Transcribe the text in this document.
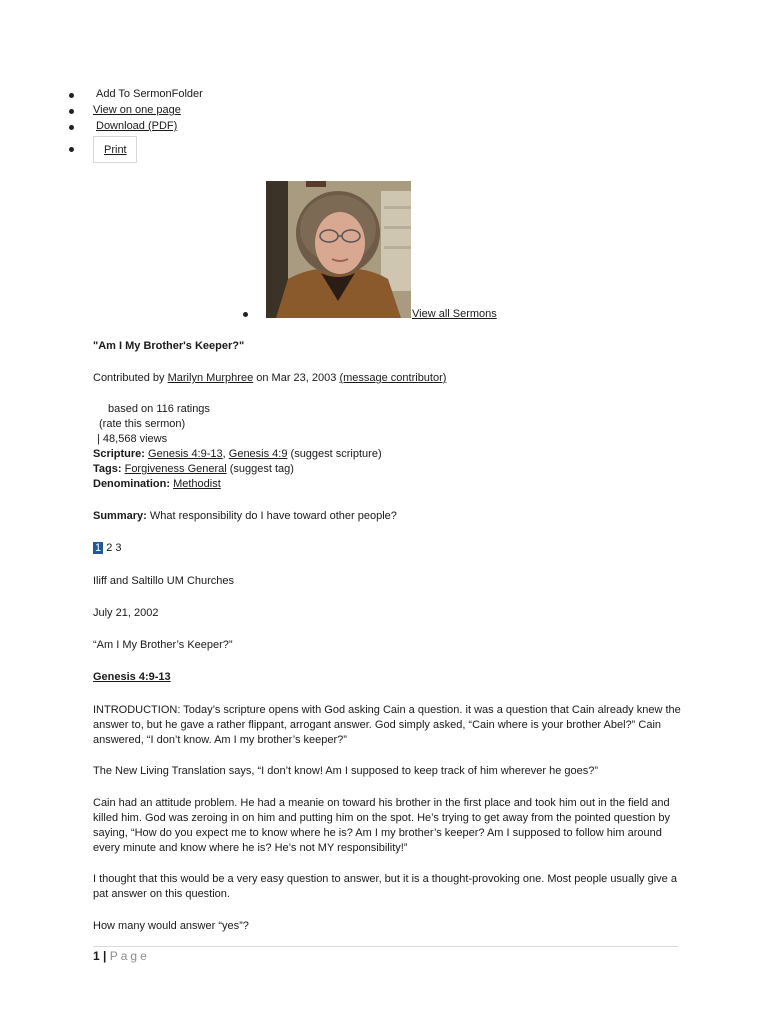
Add To SermonFolder
View on one page
Download (PDF)
Print
View all Sermons
"Am I My Brother's Keeper?"
Contributed by Marilyn Murphree on Mar 23, 2003 (message contributor)
based on 116 ratings
(rate this sermon)
| 48,568 views
Scripture: Genesis 4:9-13, Genesis 4:9 (suggest scripture)
Tags: Forgiveness General (suggest tag)
Denomination: Methodist
Summary: What responsibility do I have toward other people?
1 2 3
Iliff and Saltillo UM Churches
July 21, 2002
“Am I My Brother’s Keeper?”
Genesis 4:9-13
INTRODUCTION: Today’s scripture opens with God asking Cain a question. it was a question that Cain already knew the answer to, but he gave a rather flippant, arrogant answer. God simply asked, “Cain where is your brother Abel?” Cain answered, “I don’t know. Am I my brother’s keeper?”
The New Living Translation says, “I don’t know! Am I supposed to keep track of him wherever he goes?”
Cain had an attitude problem. He had a meanie on toward his brother in the first place and took him out in the field and killed him. God was zeroing in on him and putting him on the spot. He’s trying to get away from the pointed question by saying, “How do you expect me to know where he is? Am I my brother’s keeper? Am I supposed to follow him around every minute and know where he is? He’s not MY responsibility!”
I thought that this would be a very easy question to answer, but it is a thought-provoking one. Most people usually give a pat answer on this question.
How many would answer “yes”?
1 | Page
